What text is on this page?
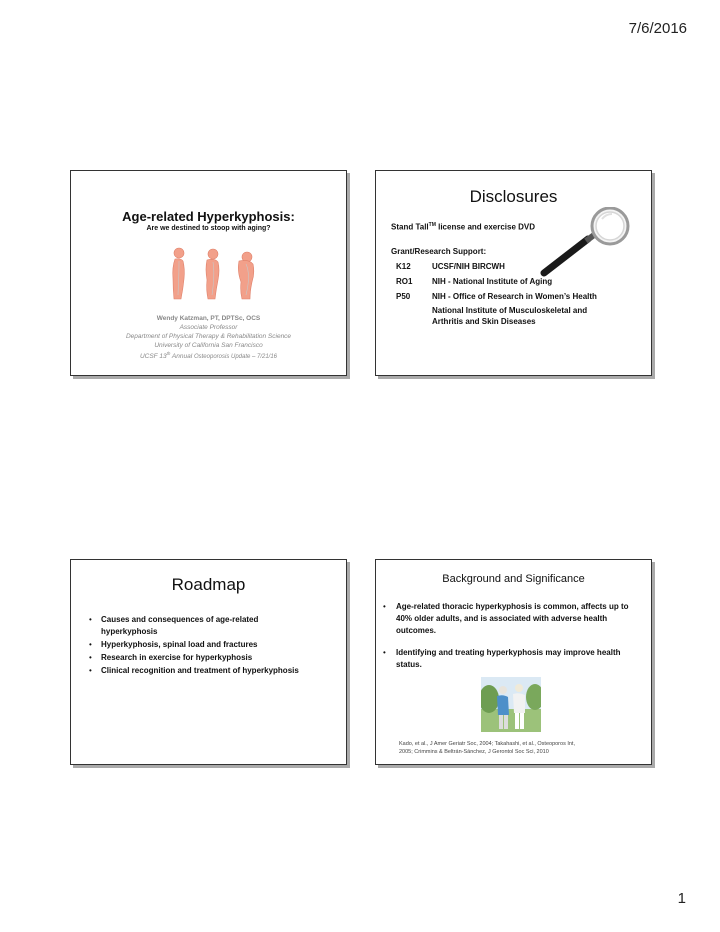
7/6/2016
Age-related Hyperkyphosis:
Are we destined to stoop with aging?
Wendy Katzman, PT, DPTSc, OCS
Associate Professor
Department of Physical Therapy & Rehabilitation Science
University of California San Francisco
UCSF 13th Annual Osteoporosis Update – 7/21/16
Disclosures
Stand Tall™ license and exercise DVD
Grant/Research Support:
K12	UCSF/NIH BIRCWH
RO1 NIH - National Institute of Aging
P50	NIH - Office of Research in Women’s Health
National Institute of Musculoskeletal and
Arthritis and Skin Diseases
Roadmap
• Causes and consequences of age-related hyperkyphosis
• Hyperkyphosis, spinal load and fractures
• Research in exercise for hyperkyphosis
• Clinical recognition and treatment of hyperkyphosis
Background and Significance
• Age-related thoracic hyperkyphosis is common, affects up to 40% older adults, and is associated with adverse health outcomes.
• Identifying and treating hyperkyphosis may improve health status.
Kado, et al., J Amer Geriatr Soc, 2004; Takahashi, et al., Osteoporos Int,
2005; Crimmins & Beltrán-Sánchez, J Gerontol Soc Sci, 2010
1
